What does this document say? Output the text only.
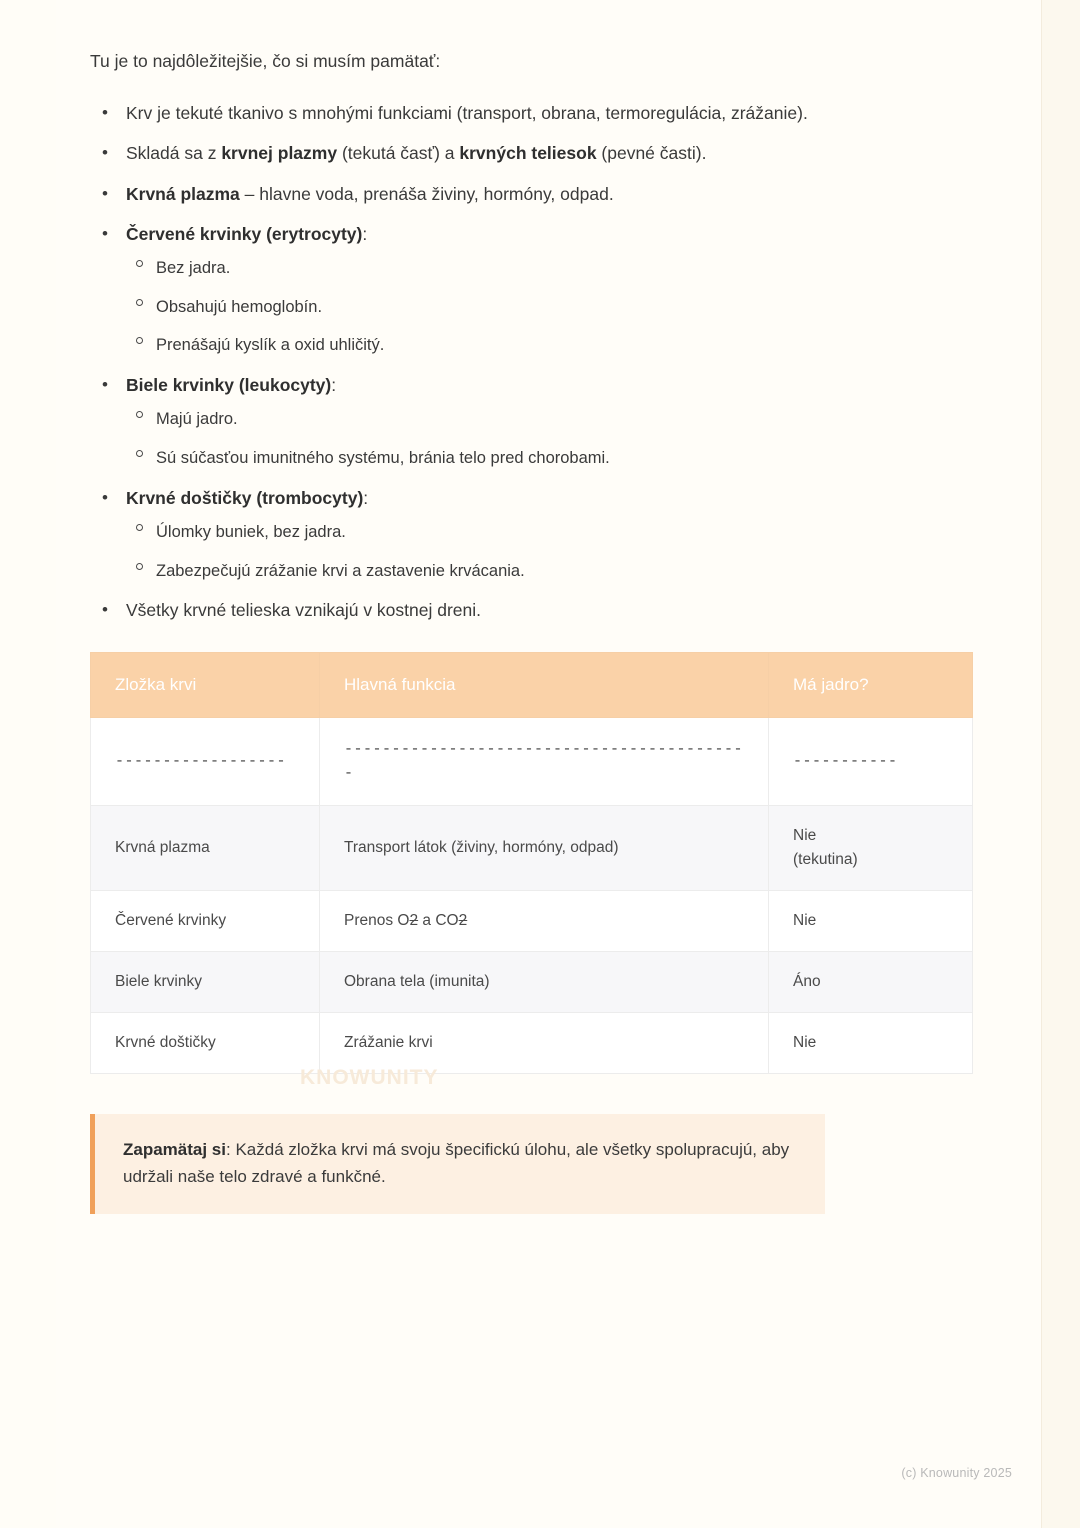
Tu je to najdôležitejšie, čo si musím pamätať:
• Krv je tekuté tkanivo s mnohými funkciami (transport, obrana, termoregulácia, zrážanie).
• Skladá sa z krvnej plazmy (tekutá časť) a krvných teliesok (pevné časti).
• Krvná plazma – hlavne voda, prenáša živiny, hormóny, odpad.
• Červené krvinky (erytrocyty):
Bez jadra.
Obsahujú hemoglobín.
Prenášajú kyslík a oxid uhličitý.
• Biele krvinky (leukocyty):
Majú jadro.
Sú súčasťou imunitného systému, bránia telo pred chorobami.
• Krvné doštičky (trombocyty):
Úlomky buniek, bez jadra.
Zabezpečujú zrážanie krvi a zastavenie krvácania.
• Všetky krvné telieska vznikajú v kostnej dreni.
Zložka krvi	Hlavná funkcia	Má jadro?
------------------	-------------------------------------------	-----------
Krvná plazma	Transport látok (živiny, hormóny, odpad)	Nie
(tekutina)
Červené krvinky	Prenos O2 a CO2	Nie
Biele krvinky	Obrana tela (imunita)	Áno
Krvné doštičky	Zrážanie krvi	Nie
Zapamätaj si: Každá zložka krvi má svoju špecifickú úlohu, ale všetky spolupracujú, aby udržali naše telo zdravé a funkčné.
KNOWUNITY
(c) Knowunity 2025
